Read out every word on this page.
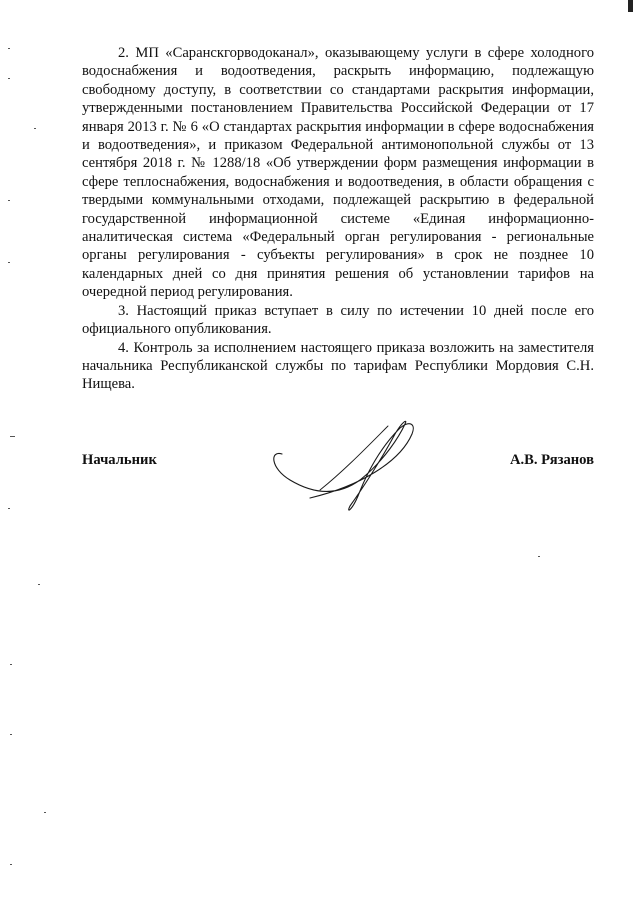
2. МП «Саранскгорводоканал», оказывающему услуги в сфере холодного водоснабжения и водоотведения, раскрыть информацию, подлежащую свободному доступу, в соответствии со стандартами раскрытия информации, утвержденными постановлением Правительства Российской Федерации от 17 января 2013 г. № 6 «О стандартах раскрытия информации в сфере водоснабжения и водоотведения», и приказом Федеральной антимонопольной службы от 13 сентября 2018 г. № 1288/18 «Об утверждении форм размещения информации в сфере теплоснабжения, водоснабжения и водоотведения, в области обращения с твердыми коммунальными отходами, подлежащей раскрытию в федеральной государственной информационной системе «Единая информационно-аналитическая система «Федеральный орган регулирования - региональные органы регулирования - субъекты регулирования» в срок не позднее 10 календарных дней со дня принятия решения об установлении тарифов на очередной период регулирования.

3. Настоящий приказ вступает в силу по истечении 10 дней после его официального опубликования.

4. Контроль за исполнением настоящего приказа возложить на заместителя начальника Республиканской службы по тарифам Республики Мордовия С.Н. Нищева.

Начальник	А.В. Рязанов
